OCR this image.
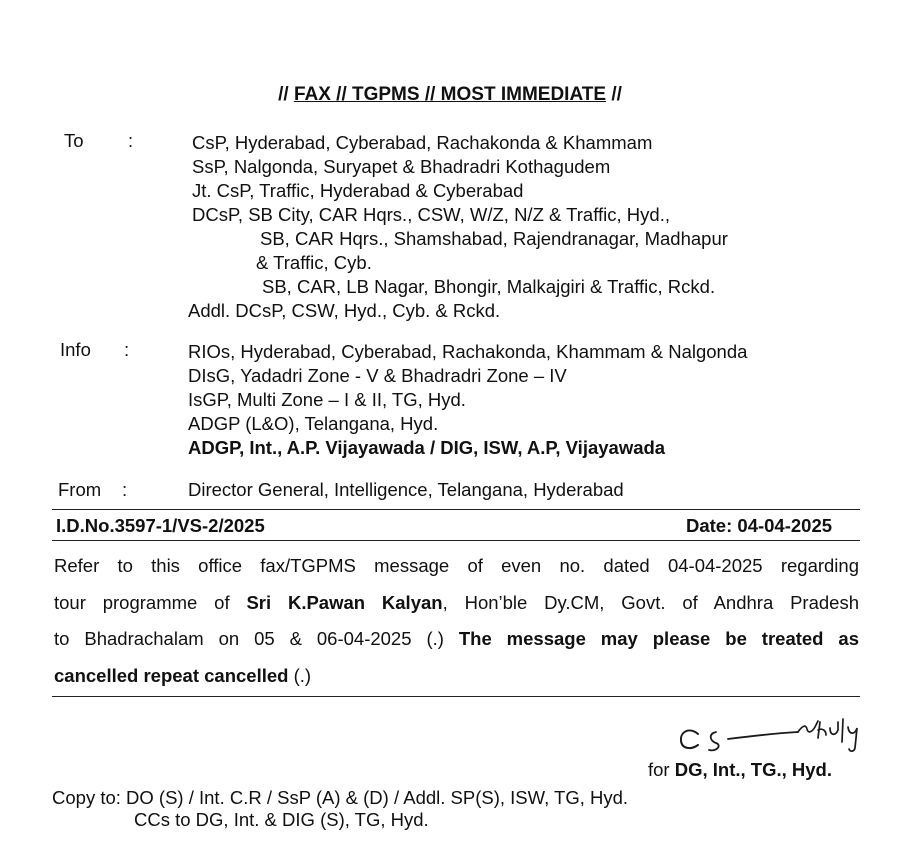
// FAX // TGPMS // MOST IMMEDIATE //
To :	CsP, Hyderabad, Cyberabad, Rachakonda & Khammam
SsP, Nalgonda, Suryapet & Bhadradri Kothagudem
Jt. CsP, Traffic, Hyderabad & Cyberabad
DCsP, SB City, CAR Hqrs., CSW, W/Z, N/Z & Traffic, Hyd.,
SB, CAR Hqrs., Shamshabad, Rajendranagar, Madhapur
& Traffic, Cyb.
SB, CAR, LB Nagar, Bhongir, Malkajgiri & Traffic, Rckd.
Addl. DCsP, CSW, Hyd., Cyb. & Rckd.
Info :	RIOs, Hyderabad, Cyberabad, Rachakonda, Khammam & Nalgonda
DIsG, Yadadri Zone - V & Bhadradri Zone – IV
IsGP, Multi Zone – I & II, TG, Hyd.
ADGP (L&O), Telangana, Hyd.
ADGP, Int., A.P. Vijayawada / DIG, ISW, A.P, Vijayawada
From :	Director General, Intelligence, Telangana, Hyderabad
I.D.No.3597-1/VS-2/2025	Date: 04-04-2025
Refer to this office fax/TGPMS message of even no. dated 04-04-2025 regarding
tour programme of Sri K.Pawan Kalyan, Hon’ble Dy.CM, Govt. of Andhra Pradesh
to Bhadrachalam on 05 & 06-04-2025 (.) The message may please be treated as
cancelled repeat cancelled (.)
for DG, Int., TG., Hyd.
Copy to: DO (S) / Int. C.R / SsP (A) & (D) / Addl. SP(S), ISW, TG, Hyd.
CCs to DG, Int. & DIG (S), TG, Hyd.
